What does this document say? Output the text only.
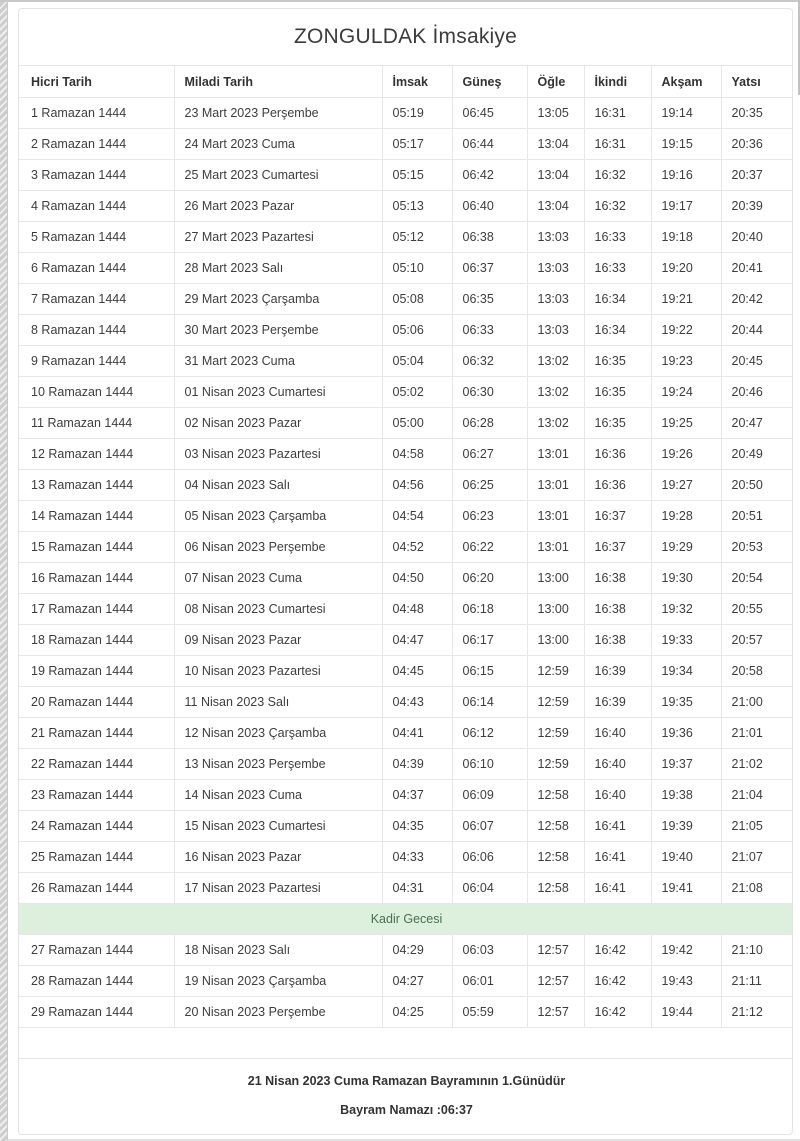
ZONGULDAK İmsakiye
Hicri Tarih	Miladi Tarih	İmsak	Güneş	Öğle	İkindi	Akşam	Yatsı
1 Ramazan 1444	23 Mart 2023 Perşembe	05:19	06:45	13:05	16:31	19:14	20:35
2 Ramazan 1444	24 Mart 2023 Cuma	05:17	06:44	13:04	16:31	19:15	20:36
3 Ramazan 1444	25 Mart 2023 Cumartesi	05:15	06:42	13:04	16:32	19:16	20:37
4 Ramazan 1444	26 Mart 2023 Pazar	05:13	06:40	13:04	16:32	19:17	20:39
5 Ramazan 1444	27 Mart 2023 Pazartesi	05:12	06:38	13:03	16:33	19:18	20:40
6 Ramazan 1444	28 Mart 2023 Salı	05:10	06:37	13:03	16:33	19:20	20:41
7 Ramazan 1444	29 Mart 2023 Çarşamba	05:08	06:35	13:03	16:34	19:21	20:42
8 Ramazan 1444	30 Mart 2023 Perşembe	05:06	06:33	13:03	16:34	19:22	20:44
9 Ramazan 1444	31 Mart 2023 Cuma	05:04	06:32	13:02	16:35	19:23	20:45
10 Ramazan 1444	01 Nisan 2023 Cumartesi	05:02	06:30	13:02	16:35	19:24	20:46
11 Ramazan 1444	02 Nisan 2023 Pazar	05:00	06:28	13:02	16:35	19:25	20:47
12 Ramazan 1444	03 Nisan 2023 Pazartesi	04:58	06:27	13:01	16:36	19:26	20:49
13 Ramazan 1444	04 Nisan 2023 Salı	04:56	06:25	13:01	16:36	19:27	20:50
14 Ramazan 1444	05 Nisan 2023 Çarşamba	04:54	06:23	13:01	16:37	19:28	20:51
15 Ramazan 1444	06 Nisan 2023 Perşembe	04:52	06:22	13:01	16:37	19:29	20:53
16 Ramazan 1444	07 Nisan 2023 Cuma	04:50	06:20	13:00	16:38	19:30	20:54
17 Ramazan 1444	08 Nisan 2023 Cumartesi	04:48	06:18	13:00	16:38	19:32	20:55
18 Ramazan 1444	09 Nisan 2023 Pazar	04:47	06:17	13:00	16:38	19:33	20:57
19 Ramazan 1444	10 Nisan 2023 Pazartesi	04:45	06:15	12:59	16:39	19:34	20:58
20 Ramazan 1444	11 Nisan 2023 Salı	04:43	06:14	12:59	16:39	19:35	21:00
21 Ramazan 1444	12 Nisan 2023 Çarşamba	04:41	06:12	12:59	16:40	19:36	21:01
22 Ramazan 1444	13 Nisan 2023 Perşembe	04:39	06:10	12:59	16:40	19:37	21:02
23 Ramazan 1444	14 Nisan 2023 Cuma	04:37	06:09	12:58	16:40	19:38	21:04
24 Ramazan 1444	15 Nisan 2023 Cumartesi	04:35	06:07	12:58	16:41	19:39	21:05
25 Ramazan 1444	16 Nisan 2023 Pazar	04:33	06:06	12:58	16:41	19:40	21:07
26 Ramazan 1444	17 Nisan 2023 Pazartesi	04:31	06:04	12:58	16:41	19:41	21:08
Kadir Gecesi							
27 Ramazan 1444	18 Nisan 2023 Salı	04:29	06:03	12:57	16:42	19:42	21:10
28 Ramazan 1444	19 Nisan 2023 Çarşamba	04:27	06:01	12:57	16:42	19:43	21:11
29 Ramazan 1444	20 Nisan 2023 Perşembe	04:25	05:59	12:57	16:42	19:44	21:12

21 Nisan 2023 Cuma Ramazan Bayramının 1.Günüdür
Bayram Namazı :06:37							
